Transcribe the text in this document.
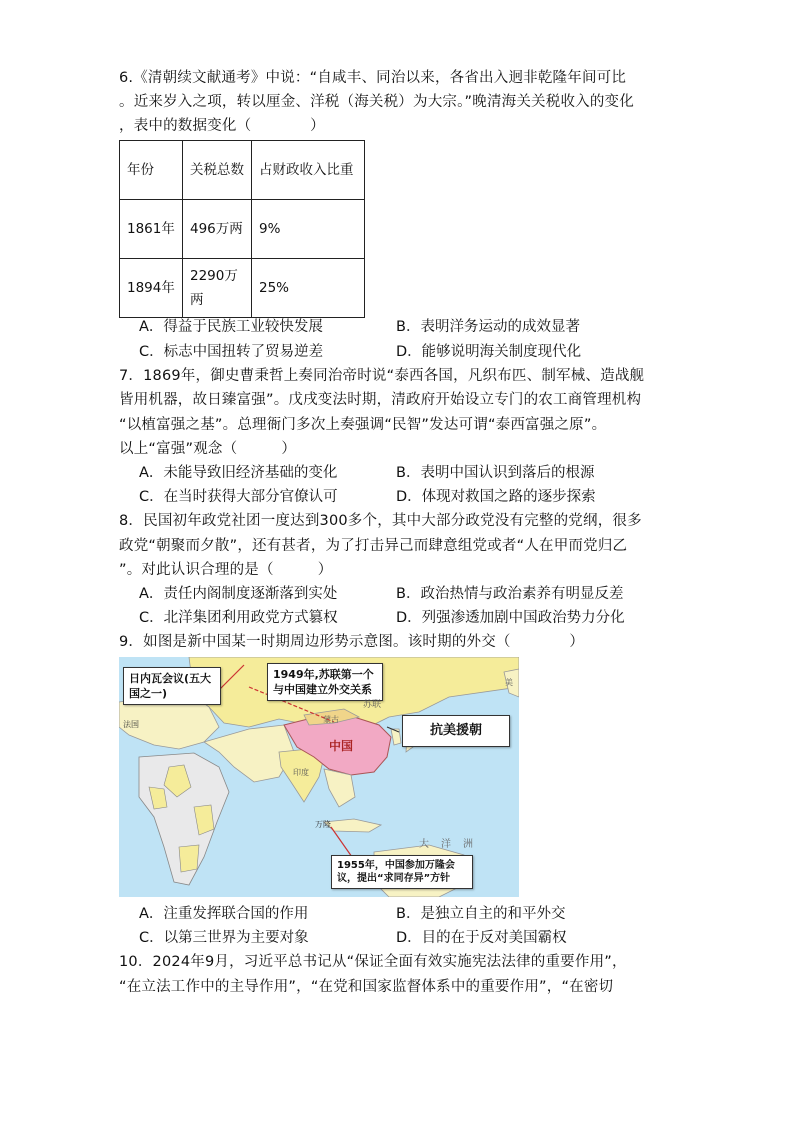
6.《清朝续文献通考》中说：“自咸丰、同治以来，各省出入迥非乾隆年间可比
。近来岁入之项，转以厘金、洋税（海关税）为大宗。”晚清海关关税收入的变化
，表中的数据变化（　　　　）
年份	关税总数	占财政收入比重
1861年	496万两	9%
1894年	2290万两	25%
A．得益于民族工业较快发展	B．表明洋务运动的成效显著
C．标志中国扭转了贸易逆差	D．能够说明海关制度现代化
7．1869年，御史曹秉哲上奏同治帝时说“泰西各国，凡织布匹、制军械、造战舰
皆用机器，故日臻富强”。戊戌变法时期，清政府开始设立专门的农工商管理机构
“以植富强之基”。总理衙门多次上奏强调“民智”发达可谓“泰西富强之原”。
以上“富强”观念（　　　）
A．未能导致旧经济基础的变化	B．表明中国认识到落后的根源
C．在当时获得大部分官僚认可	D．体现对救国之路的逐步探索
8．民国初年政党社团一度达到300多个，其中大部分政党没有完整的党纲，很多
政党“朝聚而夕散”，还有甚者，为了打击异己而肆意组党或者“人在甲而党归乙
”。对此认识合理的是（　　　）
A．责任内阁制度逐渐落到实处	B．政治热情与政治素养有明显反差
C．北洋集团利用政党方式篡权	D．列强渗透加剧中国政治势力分化
9．如图是新中国某一时期周边形势示意图。该时期的外交（　　　　）
日内瓦会议(五大国之一)
1949年,苏联第一个与中国建立外交关系
抗美援朝
1955年，中国参加万隆会议，提出“求同存异”方针
中国
蒙古
苏联
印度
万隆
大洋洲
美
法国
A．注重发挥联合国的作用	B．是独立自主的和平外交
C．以第三世界为主要对象	D．目的在于反对美国霸权
10．2024年9月，习近平总书记从“保证全面有效实施宪法法律的重要作用”，
“在立法工作中的主导作用”，“在党和国家监督体系中的重要作用”，“在密切
